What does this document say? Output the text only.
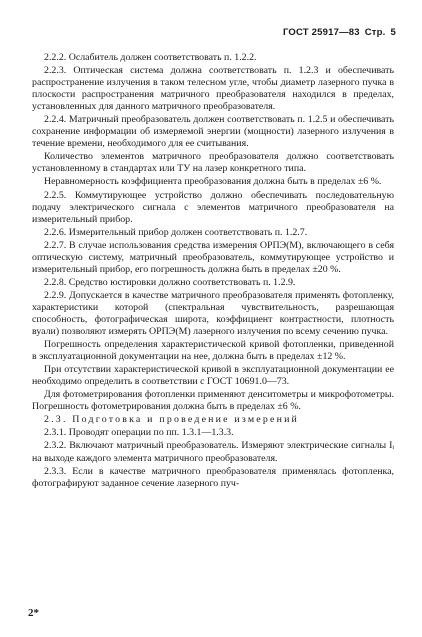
ГОСТ 25917—83 Стр. 5

2.2.2. Ослабитель должен соответствовать п. 1.2.2.

2.2.3. Оптическая система должна соответствовать п. 1.2.3 и обеспечивать распространение излучения в таком телесном угле, чтобы диаметр лазерного пучка в плоскости распространения матричного преобразователя находился в пределах, установленных для данного матричного преобразователя.

2.2.4. Матричный преобразователь должен соответствовать п. 1.2.5 и обеспечивать сохранение информации об измеряемой энергии (мощности) лазерного излучения в течение времени, необходимого для ее считывания.

Количество элементов матричного преобразователя должно соответствовать установленному в стандартах или ТУ на лазер конкретного типа.

Неравномерность коэффициента преобразования должна быть в пределах ±6 %.

2.2.5. Коммутирующее устройство должно обеспечивать последовательную подачу электрического сигнала с элементов матричного преобразователя на измерительный прибор.

2.2.6. Измерительный прибор должен соответствовать п. 1.2.7.

2.2.7. В случае использования средства измерения ОРПЭ(М), включающего в себя оптическую систему, матричный преобразователь, коммутирующее устройство и измерительный прибор, его погрешность должна быть в пределах ±20 %.

2.2.8. Средство юстировки должно соответствовать п. 1.2.9.

2.2.9. Допускается в качестве матричного преобразователя применять фотопленку, характеристики которой (спектральная чувствительность, разрешающая способность, фотографическая широта, коэффициент контрастности, плотность вуали) позволяют измерять ОРПЭ(М) лазерного излучения по всему сечению пучка.

Погрешность определения характеристической кривой фотопленки, приведенной в эксплуатационной документации на нее, должна быть в пределах ±12 %.

При отсутствии характеристической кривой в эксплуатационной документации ее необходимо определить в соответствии с ГОСТ 10691.0—73.

Для фотометрирования фотопленки применяют денситометры и микрофотометры. Погрешность фотометрирования должна быть в пределах ±6 %.

2.3. Подготовка и проведение измерений

2.3.1. Проводят операции по пп. 1.3.1—1.3.3.

2.3.2. Включают матричный преобразователь. Измеряют электрические сигналы Iᵢ на выходе каждого элемента матричного преобразователя.

2.3.3. Если в качестве матричного преобразователя применялась фотопленка, фотографируют заданное сечение лазерного пуч-

2*
